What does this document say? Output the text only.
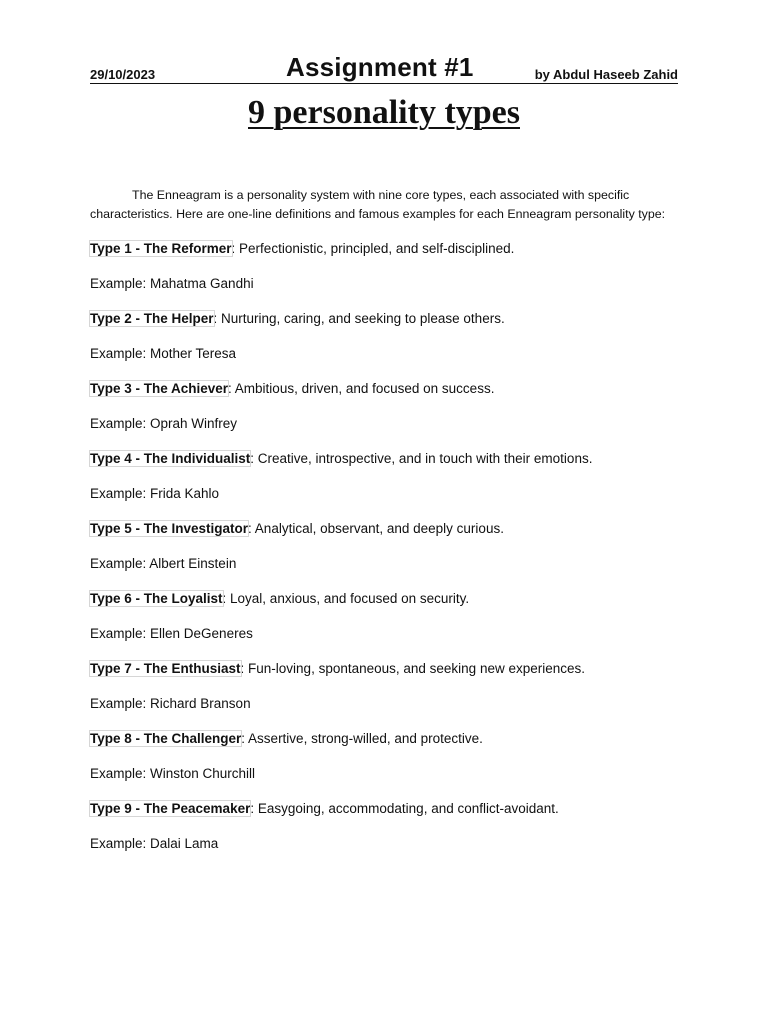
29/10/2023	Assignment #1	by Abdul Haseeb Zahid
9 personality types

The Enneagram is a personality system with nine core types, each associated with specific characteristics. Here are one-line definitions and famous examples for each Enneagram personality type:

Type 1 - The Reformer: Perfectionistic, principled, and self-disciplined.
Example: Mahatma Gandhi
Type 2 - The Helper: Nurturing, caring, and seeking to please others.
Example: Mother Teresa
Type 3 - The Achiever: Ambitious, driven, and focused on success.
Example: Oprah Winfrey
Type 4 - The Individualist: Creative, introspective, and in touch with their emotions.
Example: Frida Kahlo
Type 5 - The Investigator: Analytical, observant, and deeply curious.
Example: Albert Einstein
Type 6 - The Loyalist: Loyal, anxious, and focused on security.
Example: Ellen DeGeneres
Type 7 - The Enthusiast: Fun-loving, spontaneous, and seeking new experiences.
Example: Richard Branson
Type 8 - The Challenger: Assertive, strong-willed, and protective.
Example: Winston Churchill
Type 9 - The Peacemaker: Easygoing, accommodating, and conflict-avoidant.
Example: Dalai Lama
